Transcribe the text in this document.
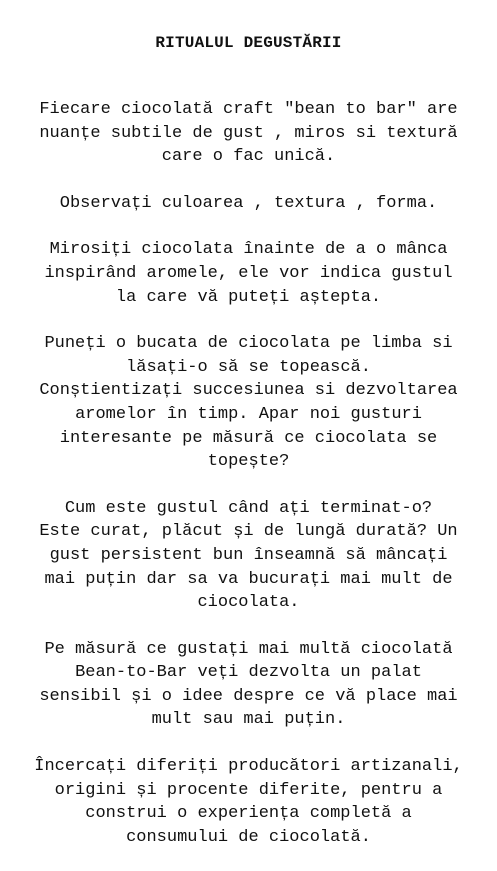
RITUALUL DEGUSTĂRII
Fiecare ciocolată craft "bean to bar" are
nuanțe subtile de gust , miros si textură
care o fac unică.
Observați culoarea , textura , forma.
Mirosiți ciocolata înainte de a o mânca
inspirând aromele, ele vor indica gustul
la care vă puteți aștepta.
Puneți o bucata de ciocolata pe limba si
lăsați-o să se topească.
Conștientizați succesiunea si dezvoltarea
aromelor în timp. Apar noi gusturi
interesante pe măsură ce ciocolata se
topește?
Cum este gustul când ați terminat-o?
Este curat, plăcut și de lungă durată? Un
gust persistent bun înseamnă să mâncați
mai puțin dar sa va bucurați mai mult de
ciocolata.
Pe măsură ce gustați mai multă ciocolată
Bean-to-Bar veți dezvolta un palat
sensibil și o idee despre ce vă place mai
mult sau mai puțin.
Încercați diferiți producători artizanali,
origini și procente diferite, pentru a
construi o experiența completă a
consumului de ciocolată.
